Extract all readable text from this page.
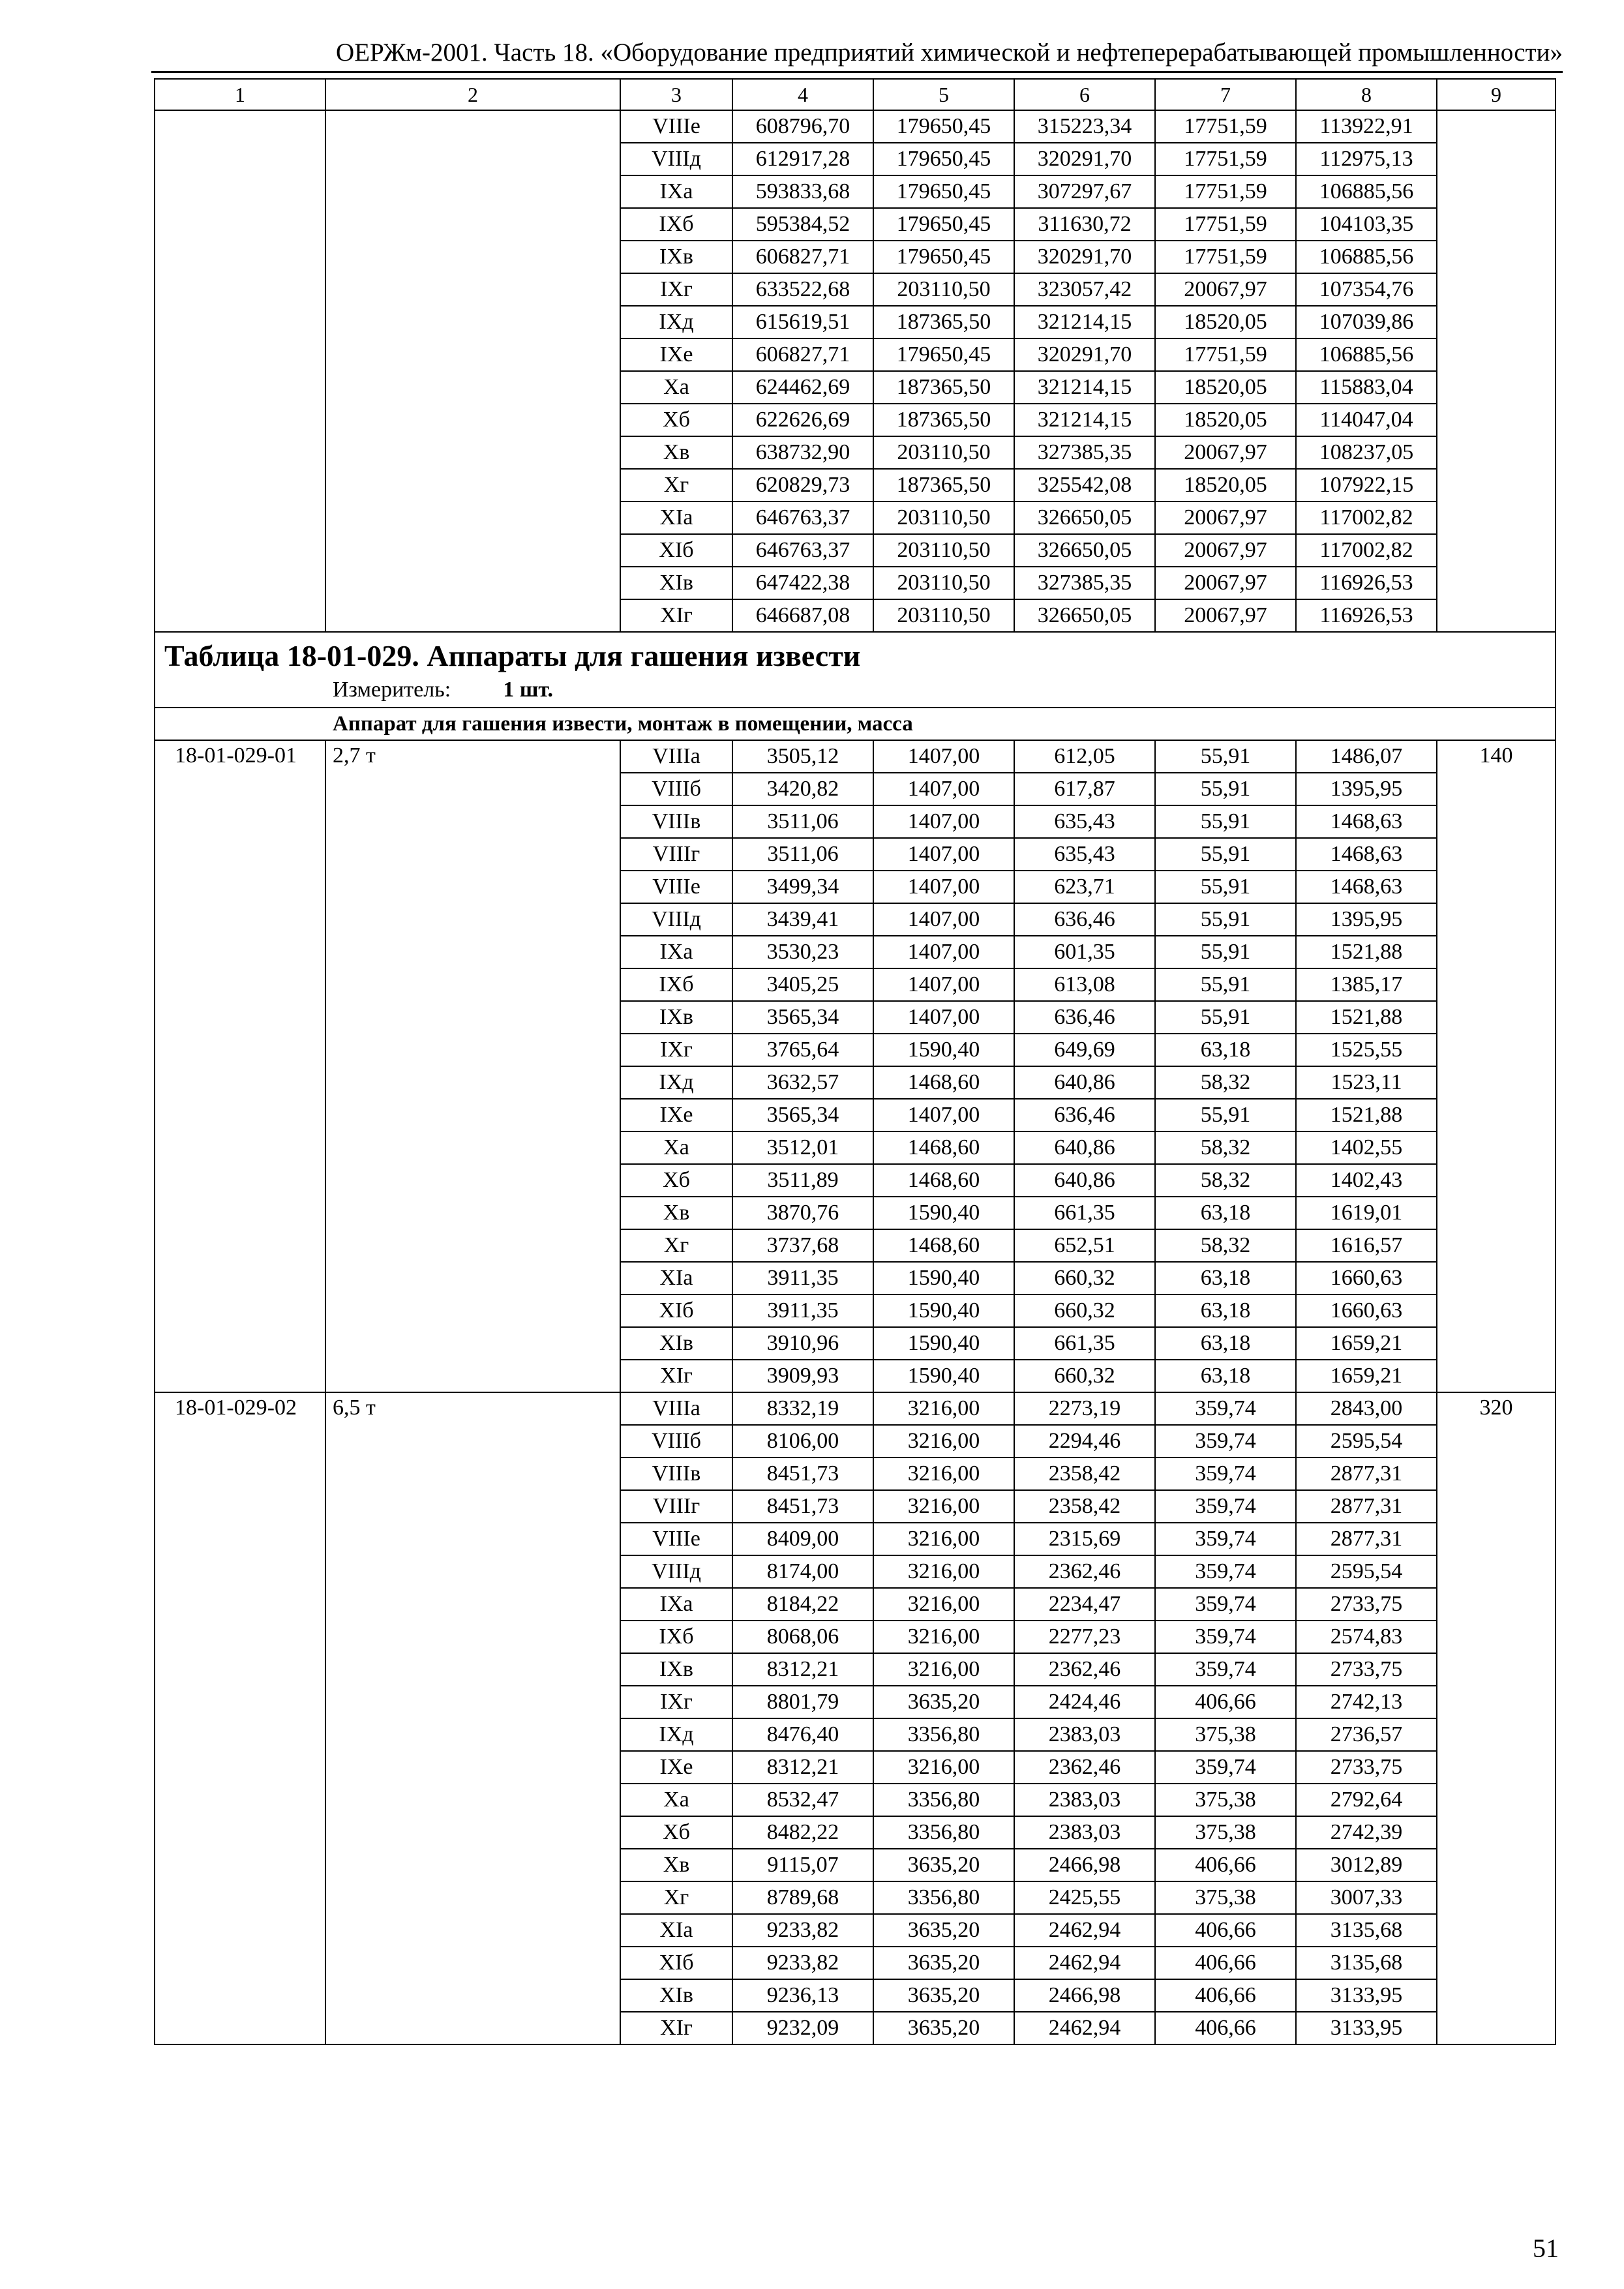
ОЕРЖм-2001. Часть 18. «Оборудование предприятий химической и нефтеперерабатывающей промышленности»
1	2	3	4	5	6	7	8	9
		VIIIе	608796,70	179650,45	315223,34	17751,59	113922,91	
		VIIIд	612917,28	179650,45	320291,70	17751,59	112975,13	
		IXа	593833,68	179650,45	307297,67	17751,59	106885,56	
		IXб	595384,52	179650,45	311630,72	17751,59	104103,35	
		IXв	606827,71	179650,45	320291,70	17751,59	106885,56	
		IXг	633522,68	203110,50	323057,42	20067,97	107354,76	
		IXд	615619,51	187365,50	321214,15	18520,05	107039,86	
		IXе	606827,71	179650,45	320291,70	17751,59	106885,56	
		Xа	624462,69	187365,50	321214,15	18520,05	115883,04	
		Xб	622626,69	187365,50	321214,15	18520,05	114047,04	
		Xв	638732,90	203110,50	327385,35	20067,97	108237,05	
		Xг	620829,73	187365,50	325542,08	18520,05	107922,15	
		XIа	646763,37	203110,50	326650,05	20067,97	117002,82	
		XIб	646763,37	203110,50	326650,05	20067,97	117002,82	
		XIв	647422,38	203110,50	327385,35	20067,97	116926,53	
		XIг	646687,08	203110,50	326650,05	20067,97	116926,53	

Таблица 18-01-029. Аппараты для гашения извести
Измеритель: 1 шт.								

Аппарат для гашения извести, монтаж в помещении, масса								
18-01-029-01	2,7 т	VIIIа	3505,12	1407,00	612,05	55,91	1486,07	140
		VIIIб	3420,82	1407,00	617,87	55,91	1395,95	
		VIIIв	3511,06	1407,00	635,43	55,91	1468,63	
		VIIIг	3511,06	1407,00	635,43	55,91	1468,63	
		VIIIе	3499,34	1407,00	623,71	55,91	1468,63	
		VIIIд	3439,41	1407,00	636,46	55,91	1395,95	
		IXа	3530,23	1407,00	601,35	55,91	1521,88	
		IXб	3405,25	1407,00	613,08	55,91	1385,17	
		IXв	3565,34	1407,00	636,46	55,91	1521,88	
		IXг	3765,64	1590,40	649,69	63,18	1525,55	
		IXд	3632,57	1468,60	640,86	58,32	1523,11	
		IXе	3565,34	1407,00	636,46	55,91	1521,88	
		Xа	3512,01	1468,60	640,86	58,32	1402,55	
		Xб	3511,89	1468,60	640,86	58,32	1402,43	
		Xв	3870,76	1590,40	661,35	63,18	1619,01	
		Xг	3737,68	1468,60	652,51	58,32	1616,57	
		XIа	3911,35	1590,40	660,32	63,18	1660,63	
		XIб	3911,35	1590,40	660,32	63,18	1660,63	
		XIв	3910,96	1590,40	661,35	63,18	1659,21	
		XIг	3909,93	1590,40	660,32	63,18	1659,21	
18-01-029-02	6,5 т	VIIIа	8332,19	3216,00	2273,19	359,74	2843,00	320
		VIIIб	8106,00	3216,00	2294,46	359,74	2595,54	
		VIIIв	8451,73	3216,00	2358,42	359,74	2877,31	
		VIIIг	8451,73	3216,00	2358,42	359,74	2877,31	
		VIIIе	8409,00	3216,00	2315,69	359,74	2877,31	
		VIIIд	8174,00	3216,00	2362,46	359,74	2595,54	
		IXа	8184,22	3216,00	2234,47	359,74	2733,75	
		IXб	8068,06	3216,00	2277,23	359,74	2574,83	
		IXв	8312,21	3216,00	2362,46	359,74	2733,75	
		IXг	8801,79	3635,20	2424,46	406,66	2742,13	
		IXд	8476,40	3356,80	2383,03	375,38	2736,57	
		IXе	8312,21	3216,00	2362,46	359,74	2733,75	
		Xа	8532,47	3356,80	2383,03	375,38	2792,64	
		Xб	8482,22	3356,80	2383,03	375,38	2742,39	
		Xв	9115,07	3635,20	2466,98	406,66	3012,89	
		Xг	8789,68	3356,80	2425,55	375,38	3007,33	
		XIа	9233,82	3635,20	2462,94	406,66	3135,68	
		XIб	9233,82	3635,20	2462,94	406,66	3135,68	
		XIв	9236,13	3635,20	2466,98	406,66	3133,95	
		XIг	9232,09	3635,20	2462,94	406,66	3133,95	
51
